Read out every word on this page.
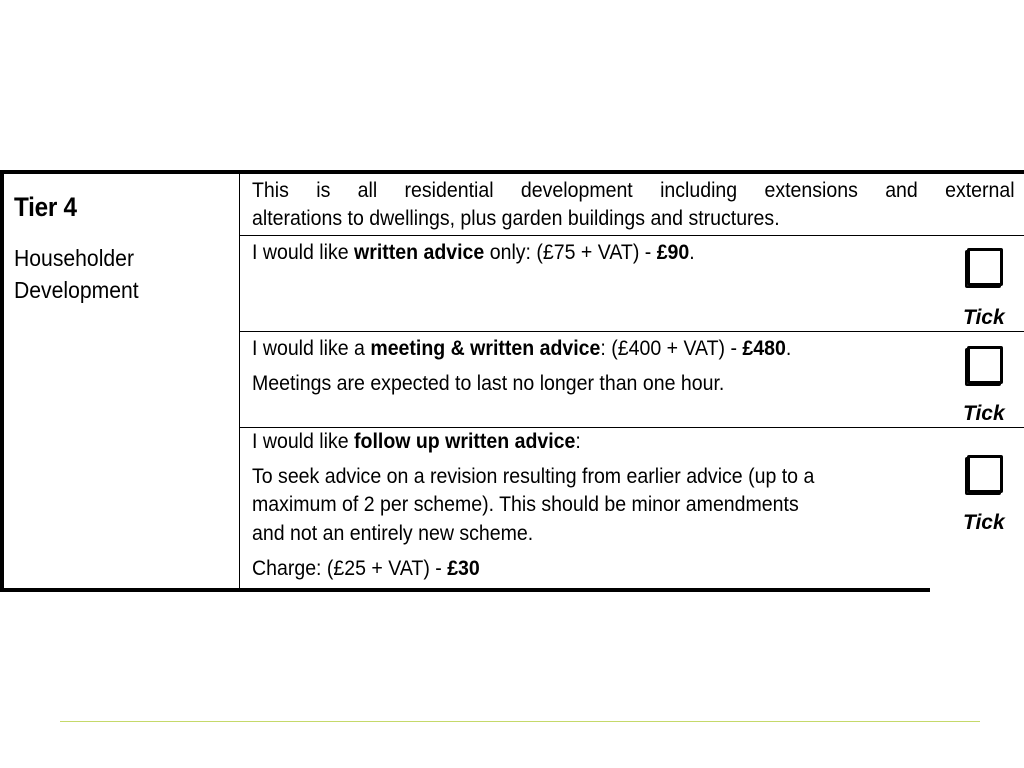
Tier 4
Householder
Development
This is all residential development including extensions and external
alterations to dwellings, plus garden buildings and structures.
I would like written advice only: (£75 + VAT) - £90.
Tick
I would like a meeting & written advice: (£400 + VAT) - £480.
Meetings are expected to last no longer than one hour.
Tick
I would like follow up written advice:
To seek advice on a revision resulting from earlier advice (up to a
maximum of 2 per scheme). This should be minor amendments
and not an entirely new scheme.
Charge: (£25 + VAT) - £30
Tick
